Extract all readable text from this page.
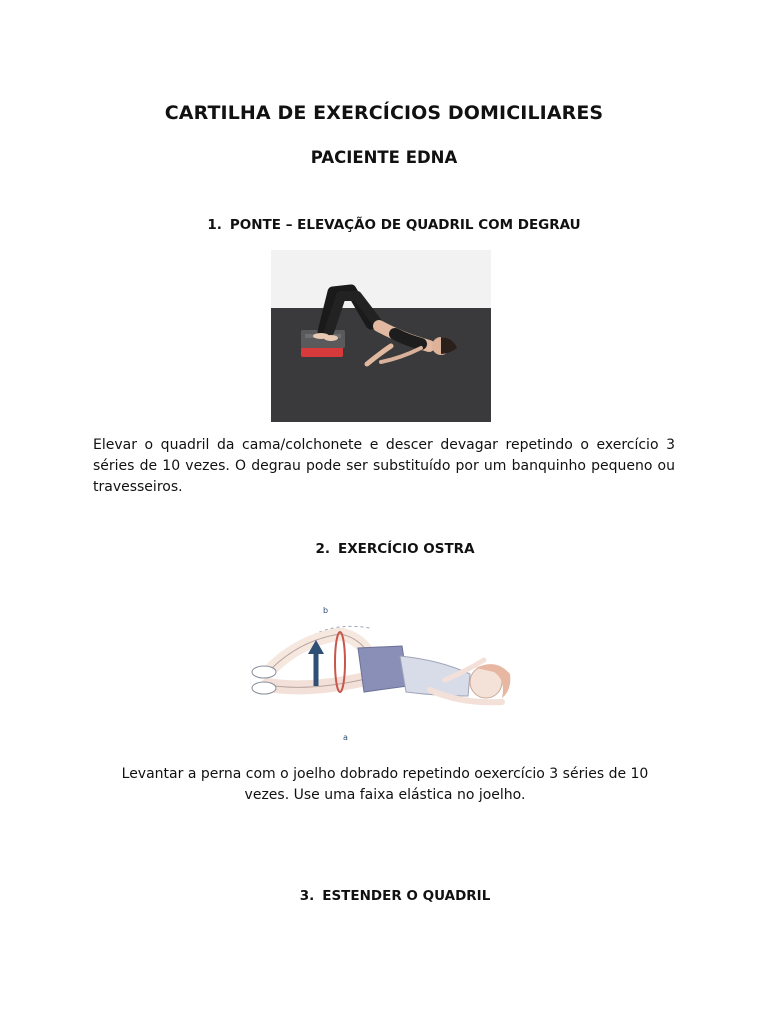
CARTILHA DE EXERCÍCIOS DOMICILIARES
PACIENTE EDNA
1. PONTE – ELEVAÇÃO DE QUADRIL COM DEGRAU
Elevar o quadril da cama/colchonete e descer devagar repetindo o exercício 3 séries de 10 vezes. O degrau pode ser substituído por um banquinho pequeno ou travesseiros.
2. EXERCÍCIO OSTRA
b
a
Levantar a perna com o joelho dobrado repetindo oexercício 3 séries de 10 vezes. Use uma faixa elástica no joelho.
3. ESTENDER O QUADRIL
